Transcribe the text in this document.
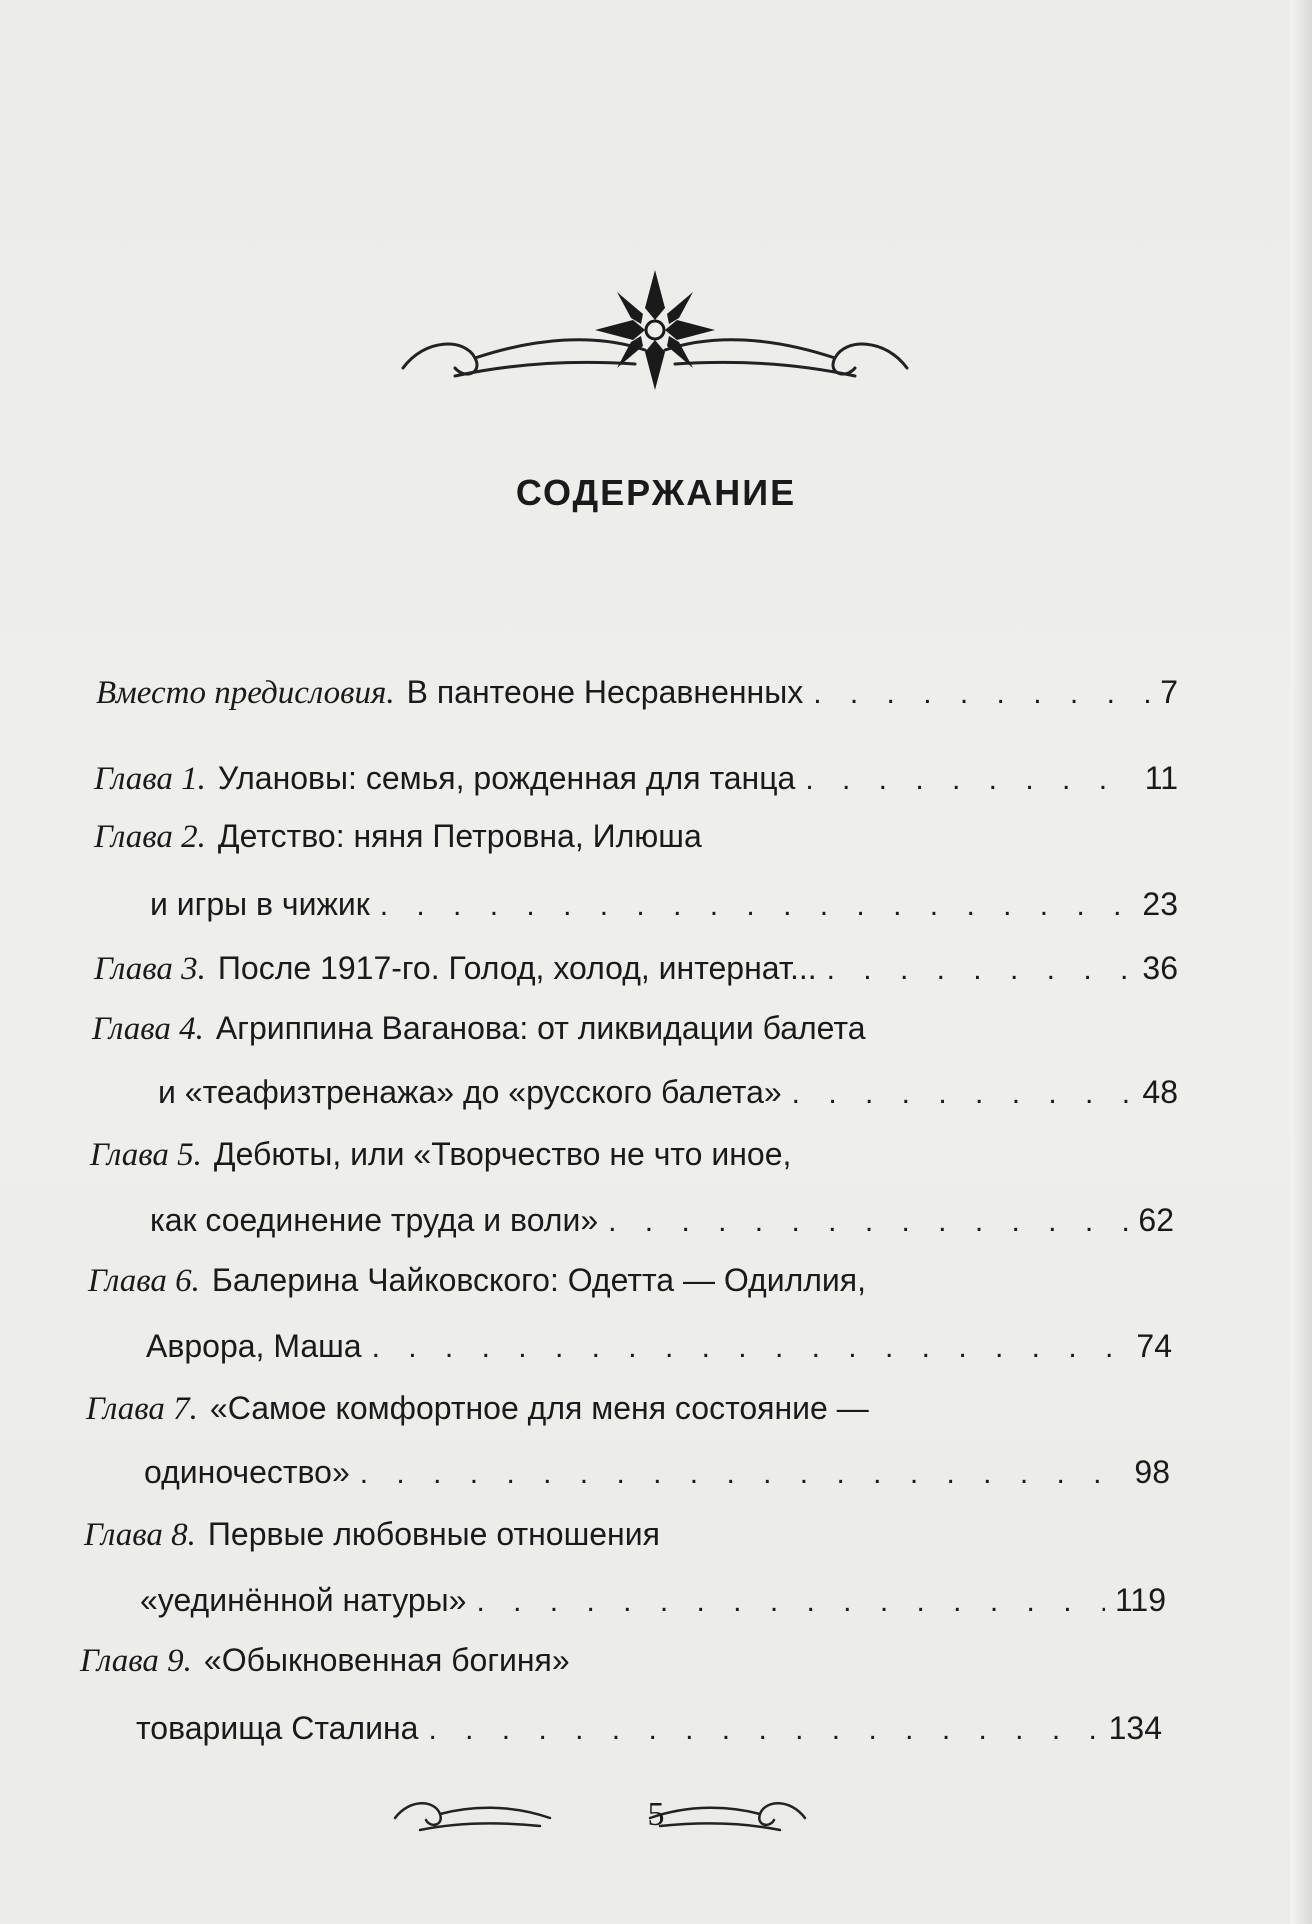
СОДЕРЖАНИЕ
Вместо предисловия. В пантеоне Несравненных . . .	7
Глава 1. Улановы: семья, рожденная для танца . . .	11
Глава 2. Детство: няня Петровна, Илюша
и игры в чижик . . .	23
Глава 3. После 1917-го. Голод, холод, интернат... . . .	36
Глава 4. Агриппина Ваганова: от ликвидации балета
и «теафизтренажа» до «русского балета» . . .	48
Глава 5. Дебюты, или «Творчество не что иное,
как соединение труда и воли» . . .	62
Глава 6. Балерина Чайковского: Одетта — Одиллия,
Аврора, Маша . . .	74
Глава 7. «Самое комфортное для меня состояние —
одиночество» . . .	98
Глава 8. Первые любовные отношения
«уединённой натуры» . . .	119
Глава 9. «Обыкновенная богиня»
товарища Сталина . . .	134
5
